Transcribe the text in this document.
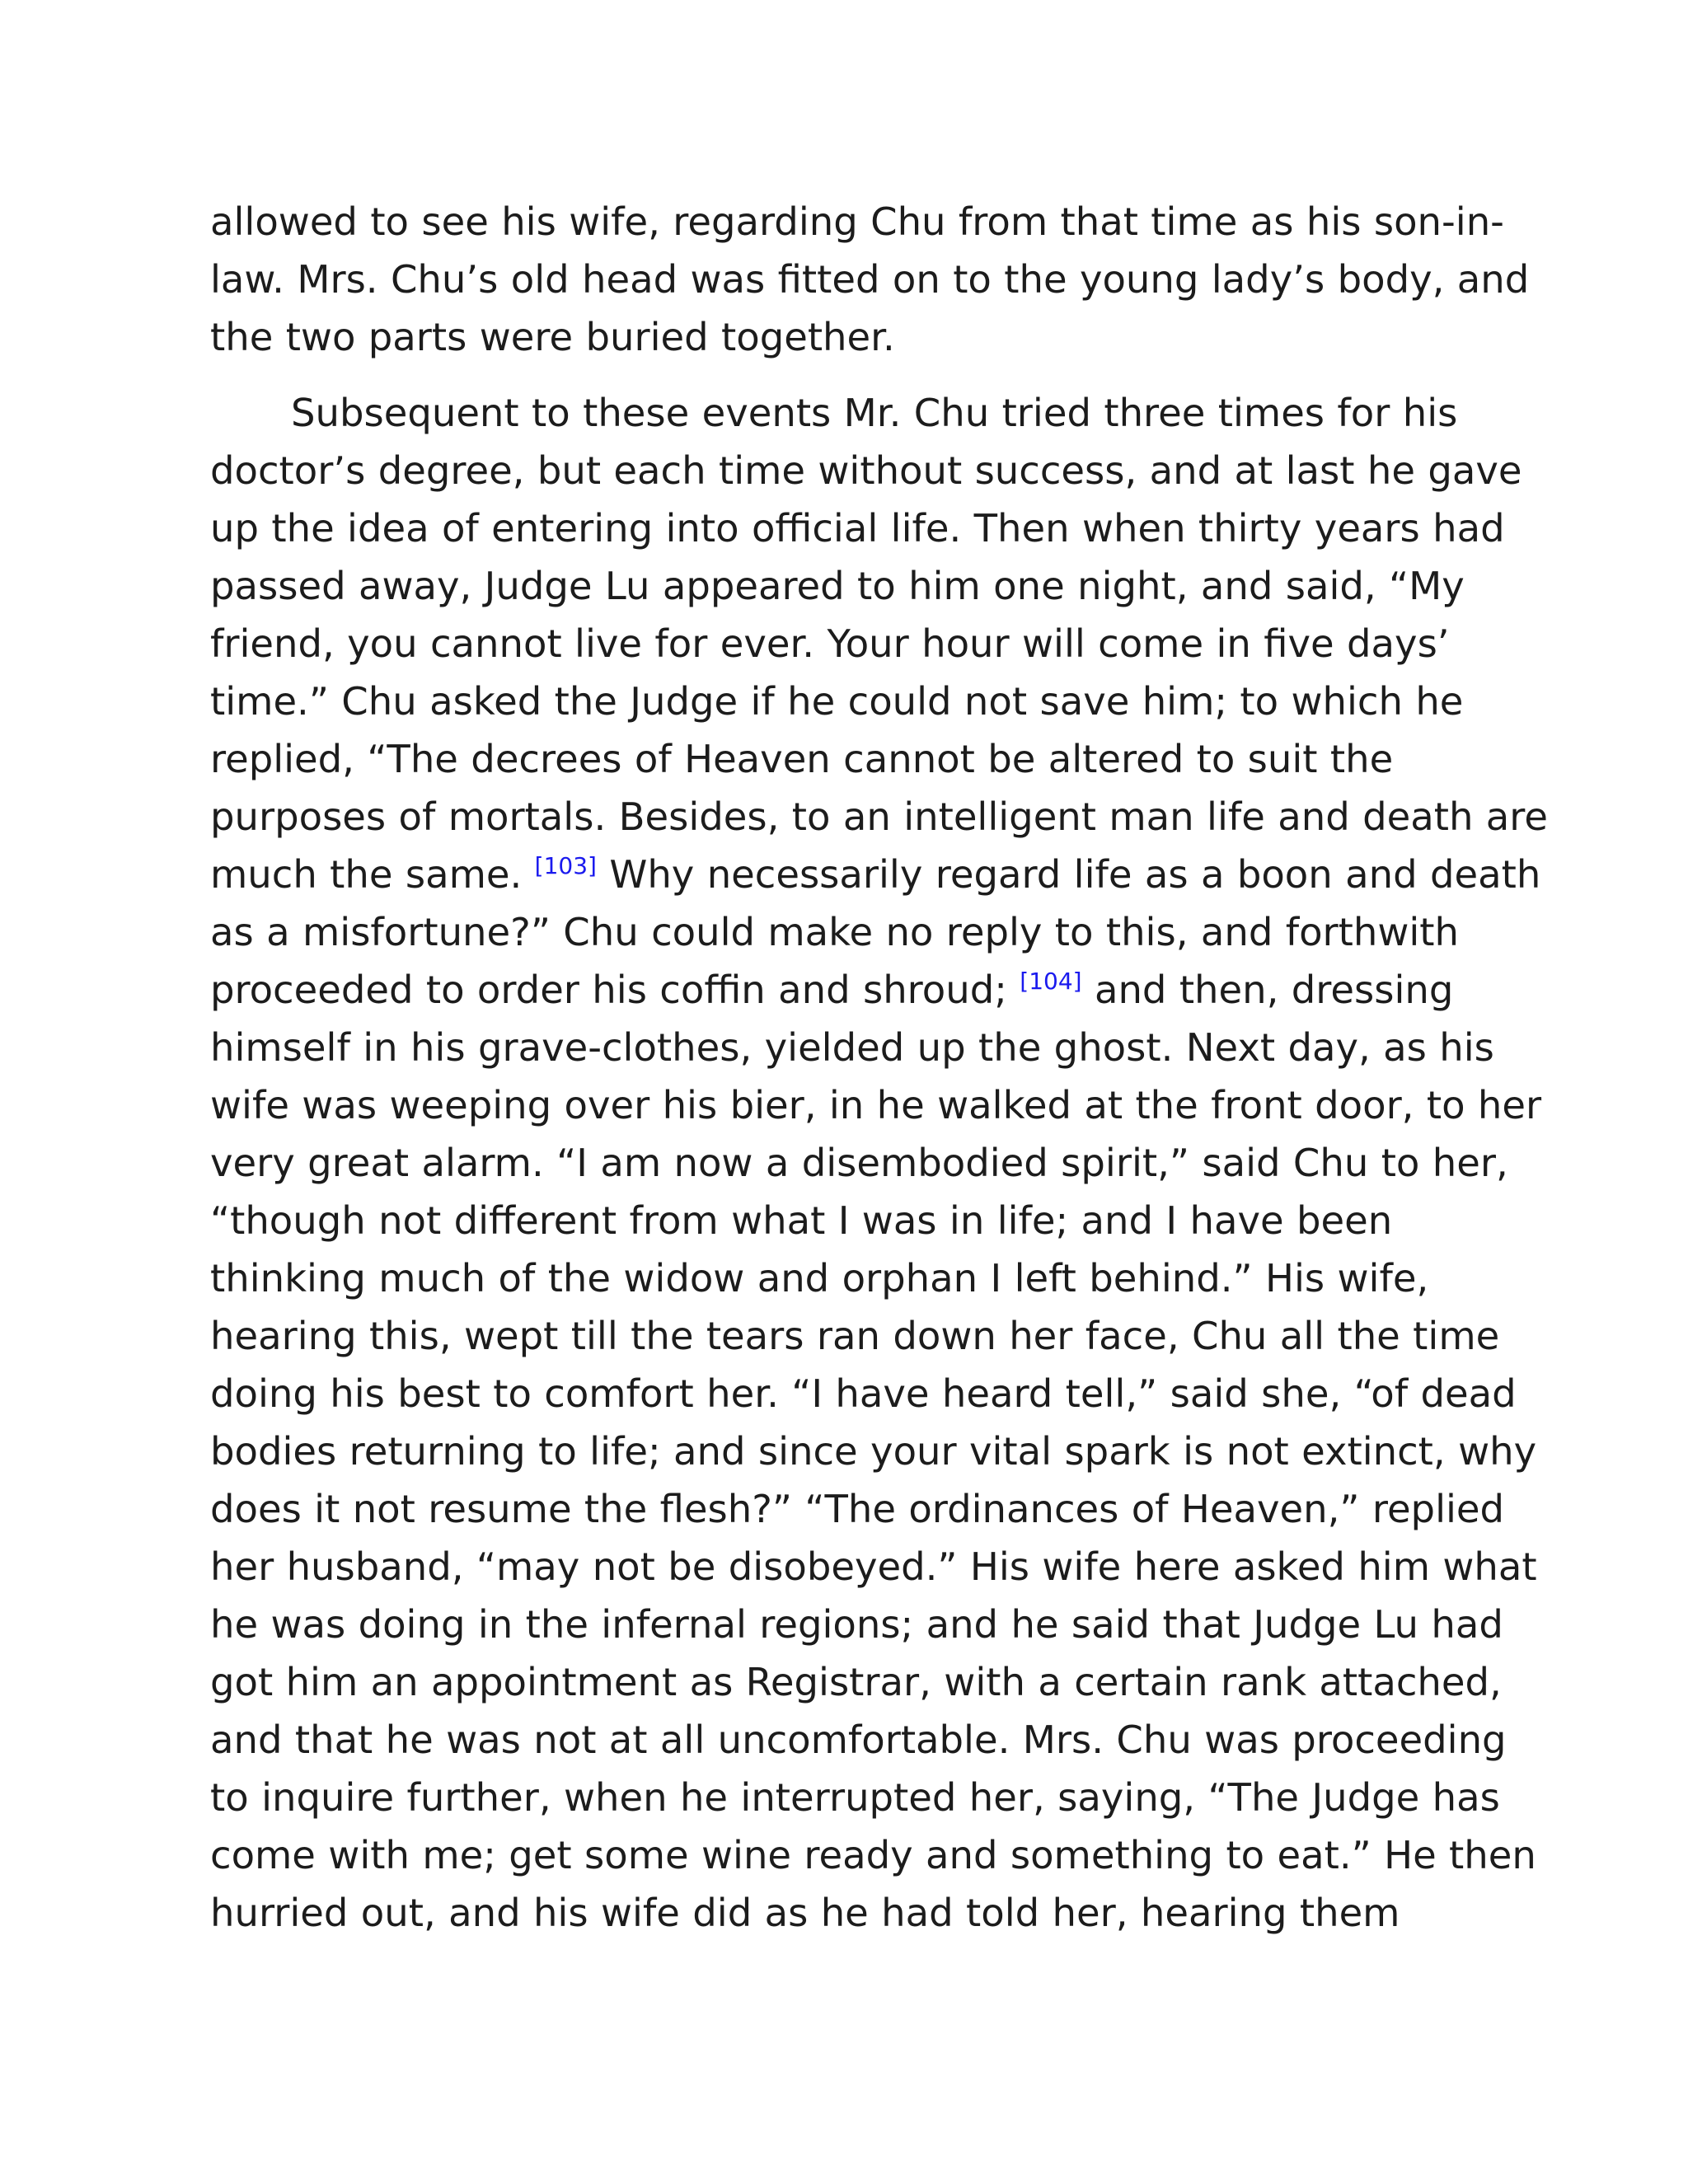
allowed to see his wife, regarding Chu from that time as his son-in-
law. Mrs. Chu’s old head was fitted on to the young lady’s body, and
the two parts were buried together.
Subsequent to these events Mr. Chu tried three times for his
doctor’s degree, but each time without success, and at last he gave
up the idea of entering into official life. Then when thirty years had
passed away, Judge Lu appeared to him one night, and said, “My
friend, you cannot live for ever. Your hour will come in five days’
time.” Chu asked the Judge if he could not save him; to which he
replied, “The decrees of Heaven cannot be altered to suit the
purposes of mortals. Besides, to an intelligent man life and death are
much the same. [103] Why necessarily regard life as a boon and death
as a misfortune?” Chu could make no reply to this, and forthwith
proceeded to order his coffin and shroud; [104] and then, dressing
himself in his grave-clothes, yielded up the ghost. Next day, as his
wife was weeping over his bier, in he walked at the front door, to her
very great alarm. “I am now a disembodied spirit,” said Chu to her,
“though not different from what I was in life; and I have been
thinking much of the widow and orphan I left behind.” His wife,
hearing this, wept till the tears ran down her face, Chu all the time
doing his best to comfort her. “I have heard tell,” said she, “of dead
bodies returning to life; and since your vital spark is not extinct, why
does it not resume the flesh?” “The ordinances of Heaven,” replied
her husband, “may not be disobeyed.” His wife here asked him what
he was doing in the infernal regions; and he said that Judge Lu had
got him an appointment as Registrar, with a certain rank attached,
and that he was not at all uncomfortable. Mrs. Chu was proceeding
to inquire further, when he interrupted her, saying, “The Judge has
come with me; get some wine ready and something to eat.” He then
hurried out, and his wife did as he had told her, hearing them
